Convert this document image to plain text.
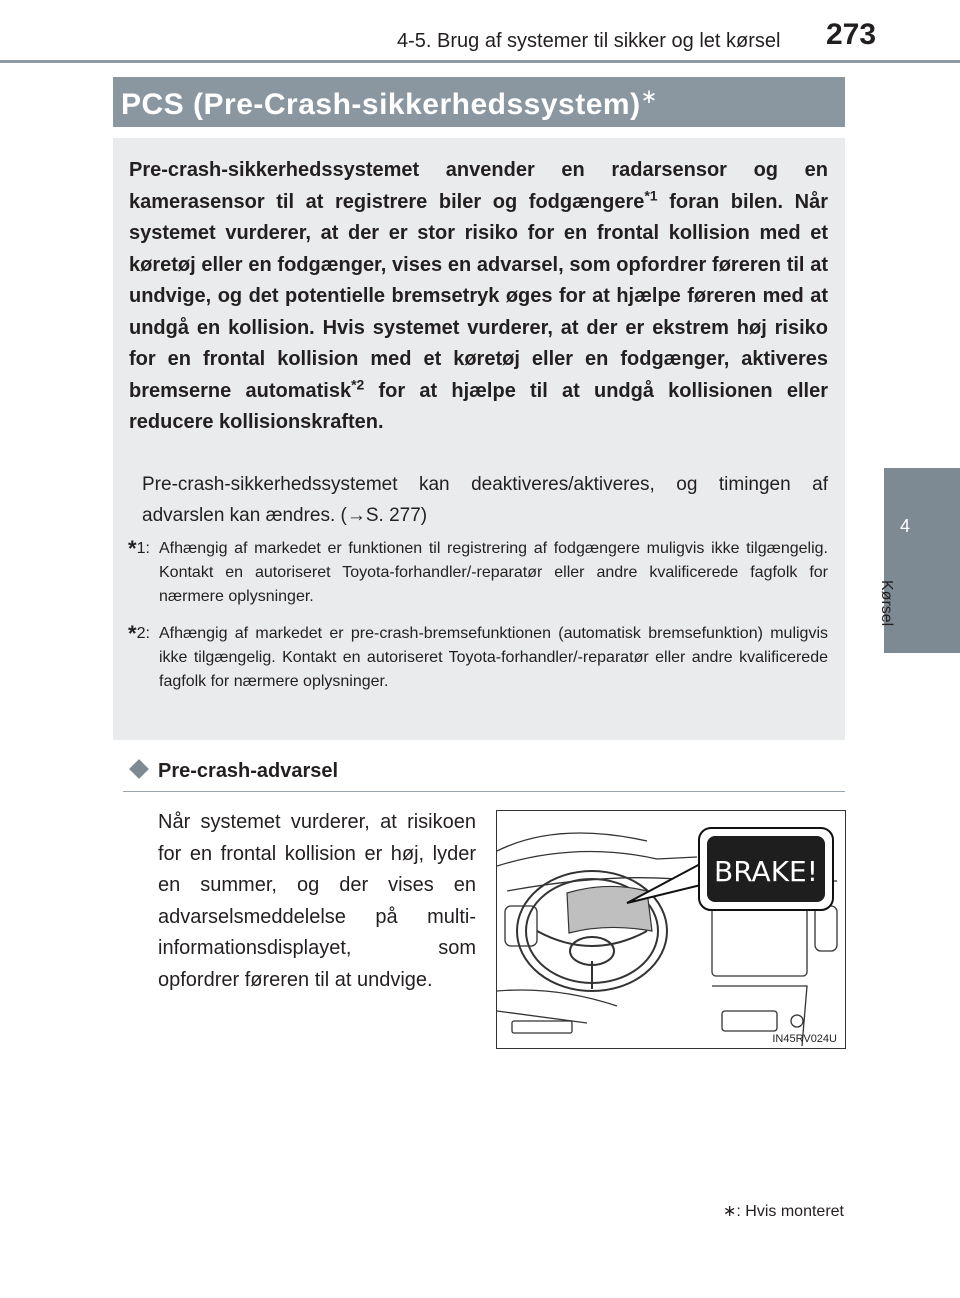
4-5. Brug af systemer til sikker og let kørsel 273
4
Kørsel
PCS (Pre-Crash-sikkerhedssystem)∗
Pre-crash-sikkerhedssystemet anvender en radarsensor og en kamerasensor til at registrere biler og fodgængere$^{*1}$ foran bilen. Når systemet vurderer, at der er stor risiko for en frontal kollision med et køretøj eller en fodgænger, vises en advarsel, som opfordrer føreren til at undvige, og det potentielle bremsetryk øges for at hjælpe føreren med at undgå en kollision. Hvis systemet vurderer, at der er ekstrem høj risiko for en frontal kollision med et køretøj eller en fodgænger, aktiveres bremserne automatisk$^{*2}$ for at hjælpe til at undgå kollisionen eller reducere kollisionskraften.
Pre-crash-sikkerhedssystemet kan deaktiveres/aktiveres, og timingen af advarslen kan ændres. (→S. 277)
*1: Afhængig af markedet er funktionen til registrering af fodgængere muligvis ikke tilgængelig. Kontakt en autoriseret Toyota-forhandler/-reparatør eller andre kvalificerede fagfolk for nærmere oplysninger.
*2: Afhængig af markedet er pre-crash-bremsefunktionen (automatisk bremsefunktion) muligvis ikke tilgængelig. Kontakt en autoriseret Toyota-forhandler/-reparatør eller andre kvalificerede fagfolk for nærmere oplysninger.
Pre-crash-advarsel
Når systemet vurderer, at risikoen for en frontal kollision er høj, lyder en summer, og der vises en advarselsmeddelelse på multi-informationsdisplayet, som opfordrer føreren til at undvige.
BRAKE!
IN45RV024U
∗: Hvis monteret
